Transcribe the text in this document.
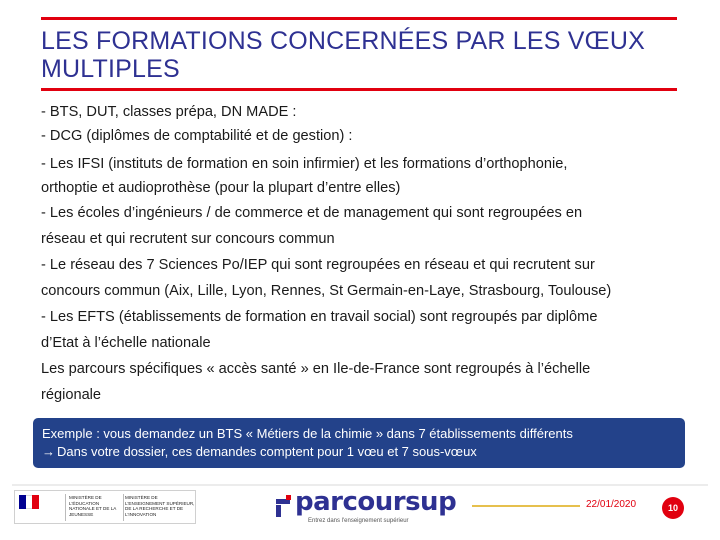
LES FORMATIONS CONCERNÉES PAR LES VŒUX MULTIPLES
- BTS, DUT, classes prépa, DN MADE :
- DCG (diplômes de comptabilité et de gestion) :
- Les IFSI (instituts de formation en soin infirmier) et les formations d’orthophonie,
orthoptie et audioprothèse (pour la plupart d’entre elles)
- Les écoles d’ingénieurs / de commerce et de management qui sont regroupées en
réseau et qui recrutent sur concours commun
- Le réseau des 7 Sciences Po/IEP qui sont regroupées en réseau et qui recrutent sur
concours commun (Aix, Lille, Lyon, Rennes, St Germain-en-Laye, Strasbourg, Toulouse)
- Les EFTS (établissements de formation en travail social) sont regroupés par diplôme
d’Etat à l’échelle nationale
Les parcours spécifiques « accès santé » en Ile-de-France sont regroupés à l’échelle
régionale
Exemple : vous demandez un BTS « Métiers de la chimie » dans 7 établissements différents
→ Dans votre dossier, ces demandes comptent pour 1 vœu et 7 sous-vœux
MINISTÈRE DE L'ÉDUCATION NATIONALE ET DE LA JEUNESSE
MINISTÈRE DE L'ENSEIGNEMENT SUPÉRIEUR, DE LA RECHERCHE ET DE L'INNOVATION	parcoursup
Entrez dans l'enseignement supérieur
22/01/2020	10
